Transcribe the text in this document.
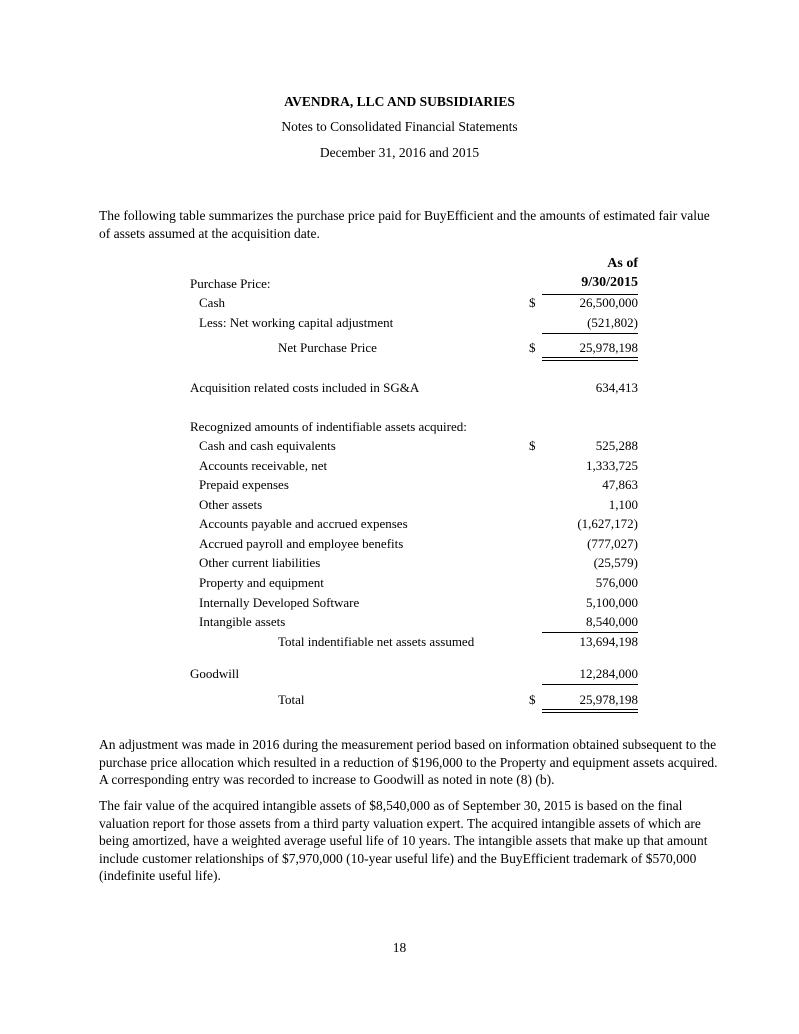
AVENDRA, LLC AND SUBSIDIARIES
Notes to Consolidated Financial Statements
December 31, 2016 and 2015

The following table summarizes the purchase price paid for BuyEfficient and the amounts of estimated fair value of assets assumed at the acquisition date.

As of
9/30/2015
Purchase Price:
Cash	$	26,500,000
Less: Net working capital adjustment	(521,802)
Net Purchase Price	$	25,978,198
Acquisition related costs included in SG&A	634,413
Recognized amounts of indentifiable assets acquired:
Cash and cash equivalents	$	525,288
Accounts receivable, net	1,333,725
Prepaid expenses	47,863
Other assets	1,100
Accounts payable and accrued expenses	(1,627,172)
Accrued payroll and employee benefits	(777,027)
Other current liabilities	(25,579)
Property and equipment	576,000
Internally Developed Software	5,100,000
Intangible assets	8,540,000
Total indentifiable net assets assumed	13,694,198
Goodwill	12,284,000
Total	$	25,978,198

An adjustment was made in 2016 during the measurement period based on information obtained subsequent to the purchase price allocation which resulted in a reduction of $196,000 to the Property and equipment assets acquired. A corresponding entry was recorded to increase to Goodwill as noted in note (8) (b).

The fair value of the acquired intangible assets of $8,540,000 as of September 30, 2015 is based on the final valuation report for those assets from a third party valuation expert. The acquired intangible assets of which are being amortized, have a weighted average useful life of 10 years. The intangible assets that make up that amount include customer relationships of $7,970,000 (10-year useful life) and the BuyEfficient trademark of $570,000 (indefinite useful life).

18
